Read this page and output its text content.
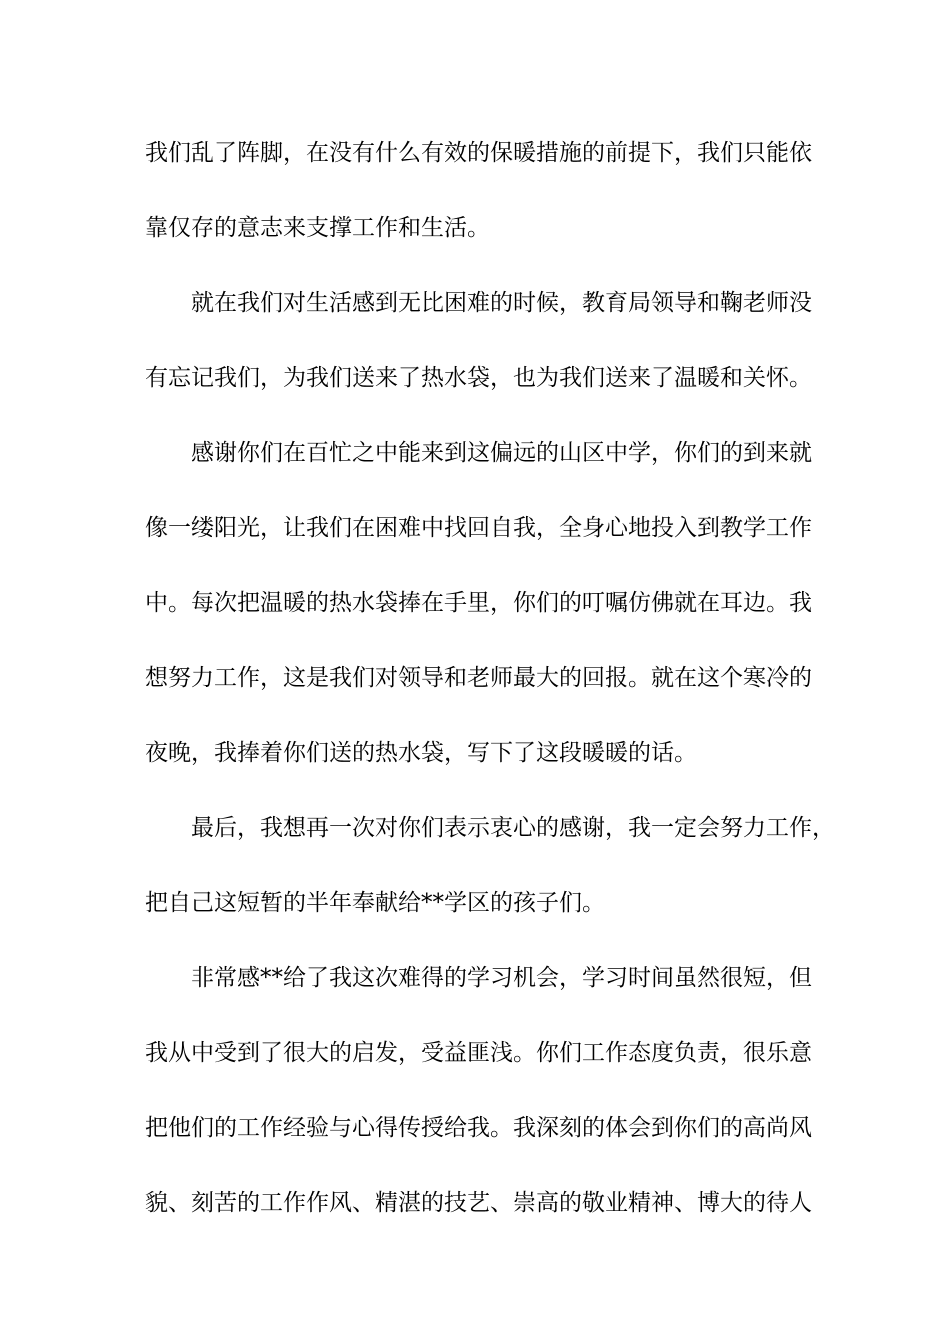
我们乱了阵脚，在没有什么有效的保暖措施的前提下，我们只能依
靠仅存的意志来支撑工作和生活。
就在我们对生活感到无比困难的时候，教育局领导和鞠老师没
有忘记我们，为我们送来了热水袋，也为我们送来了温暖和关怀。
感谢你们在百忙之中能来到这偏远的山区中学，你们的到来就
像一缕阳光，让我们在困难中找回自我，全身心地投入到教学工作
中。每次把温暖的热水袋捧在手里，你们的叮嘱仿佛就在耳边。我
想努力工作，这是我们对领导和老师最大的回报。就在这个寒冷的
夜晚，我捧着你们送的热水袋，写下了这段暖暖的话。
最后，我想再一次对你们表示衷心的感谢，我一定会努力工作，
把自己这短暂的半年奉献给**学区的孩子们。
非常感**给了我这次难得的学习机会，学习时间虽然很短，但
我从中受到了很大的启发，受益匪浅。你们工作态度负责，很乐意
把他们的工作经验与心得传授给我。我深刻的体会到你们的高尚风
貌、刻苦的工作作风、精湛的技艺、崇高的敬业精神、博大的待人
